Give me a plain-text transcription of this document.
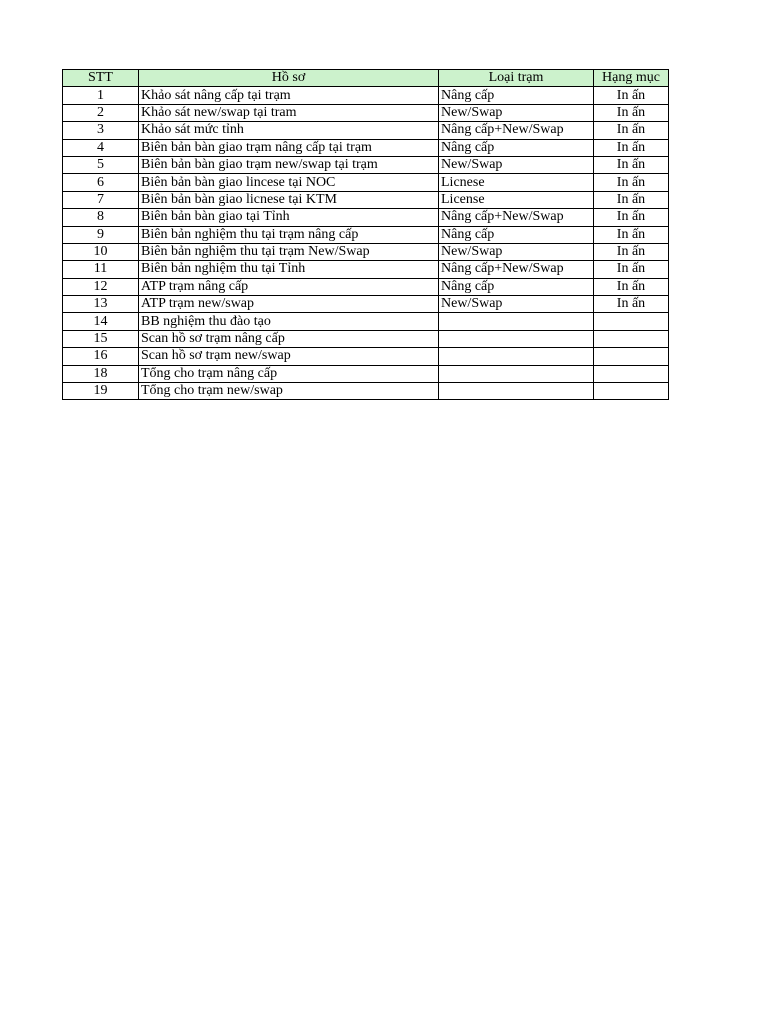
STT	Hồ sơ	Loại trạm	Hạng mục
1	Khảo sát nâng cấp tại trạm	Nâng cấp	In ấn
2	Khảo sát new/swap tại tram	New/Swap	In ấn
3	Khảo sát mức tỉnh	Nâng cấp+New/Swap	In ấn
4	Biên bản bàn giao trạm nâng cấp tại trạm	Nâng cấp	In ấn
5	Biên bản bàn giao trạm new/swap tại trạm	New/Swap	In ấn
6	Biên bản bàn giao lincese tại NOC	Licnese	In ấn
7	Biên bản bàn giao licnese tại KTM	License	In ấn
8	Biên bản bàn giao tại Tỉnh	Nâng cấp+New/Swap	In ấn
9	Biên bản nghiệm thu tại trạm nâng cấp	Nâng cấp	In ấn
10	Biên bản nghiệm thu tại trạm New/Swap	New/Swap	In ấn
11	Biên bản nghiệm thu tại Tỉnh	Nâng cấp+New/Swap	In ấn
12	ATP trạm nâng cấp	Nâng cấp	In ấn
13	ATP trạm new/swap	New/Swap	In ấn
14	BB nghiệm thu đào tạo		
15	Scan hồ sơ trạm nâng cấp		
16	Scan hồ sơ trạm new/swap		
18	Tổng cho trạm nâng cấp		
19	Tổng cho trạm new/swap		
